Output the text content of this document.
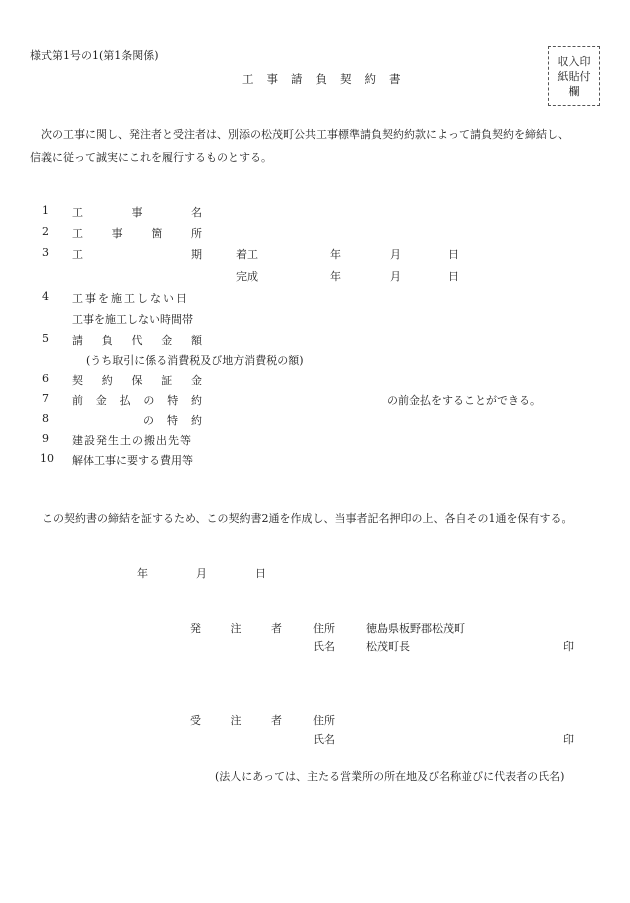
様式第1号の1(第1条関係)	収入印
紙貼付
欄
工事請負契約書
次の工事に関し、発注者と受注者は、別添の松茂町公共工事標準請負契約約款によって請負契約を締結し、
信義に従って誠実にこれを履行するものとする。
1 工	事	名
2 工	事	箇	所
3 工	期	着工	年	月	日
完成	年	月	日
4 工事を施工しない日
工事を施工しない時間帯
5 請 負 代 金 額
(うち取引に係る消費税及び地方消費税の額)
6 契 約 保 証 金
7 前 金 払 の 特 約	の前金払をすることができる。
8	の 特 約
9 建設発生土の搬出先等
10 解体工事に要する費用等
この契約書の締結を証するため、この契約書2通を作成し、当事者記名押印の上、各自その1通を保有する。
年	月	日
発	注	者	住所	徳島県板野郡松茂町
氏名	松茂町長	印
受	注	者	住所
氏名	印
(法人にあっては、主たる営業所の所在地及び名称並びに代表者の氏名)
